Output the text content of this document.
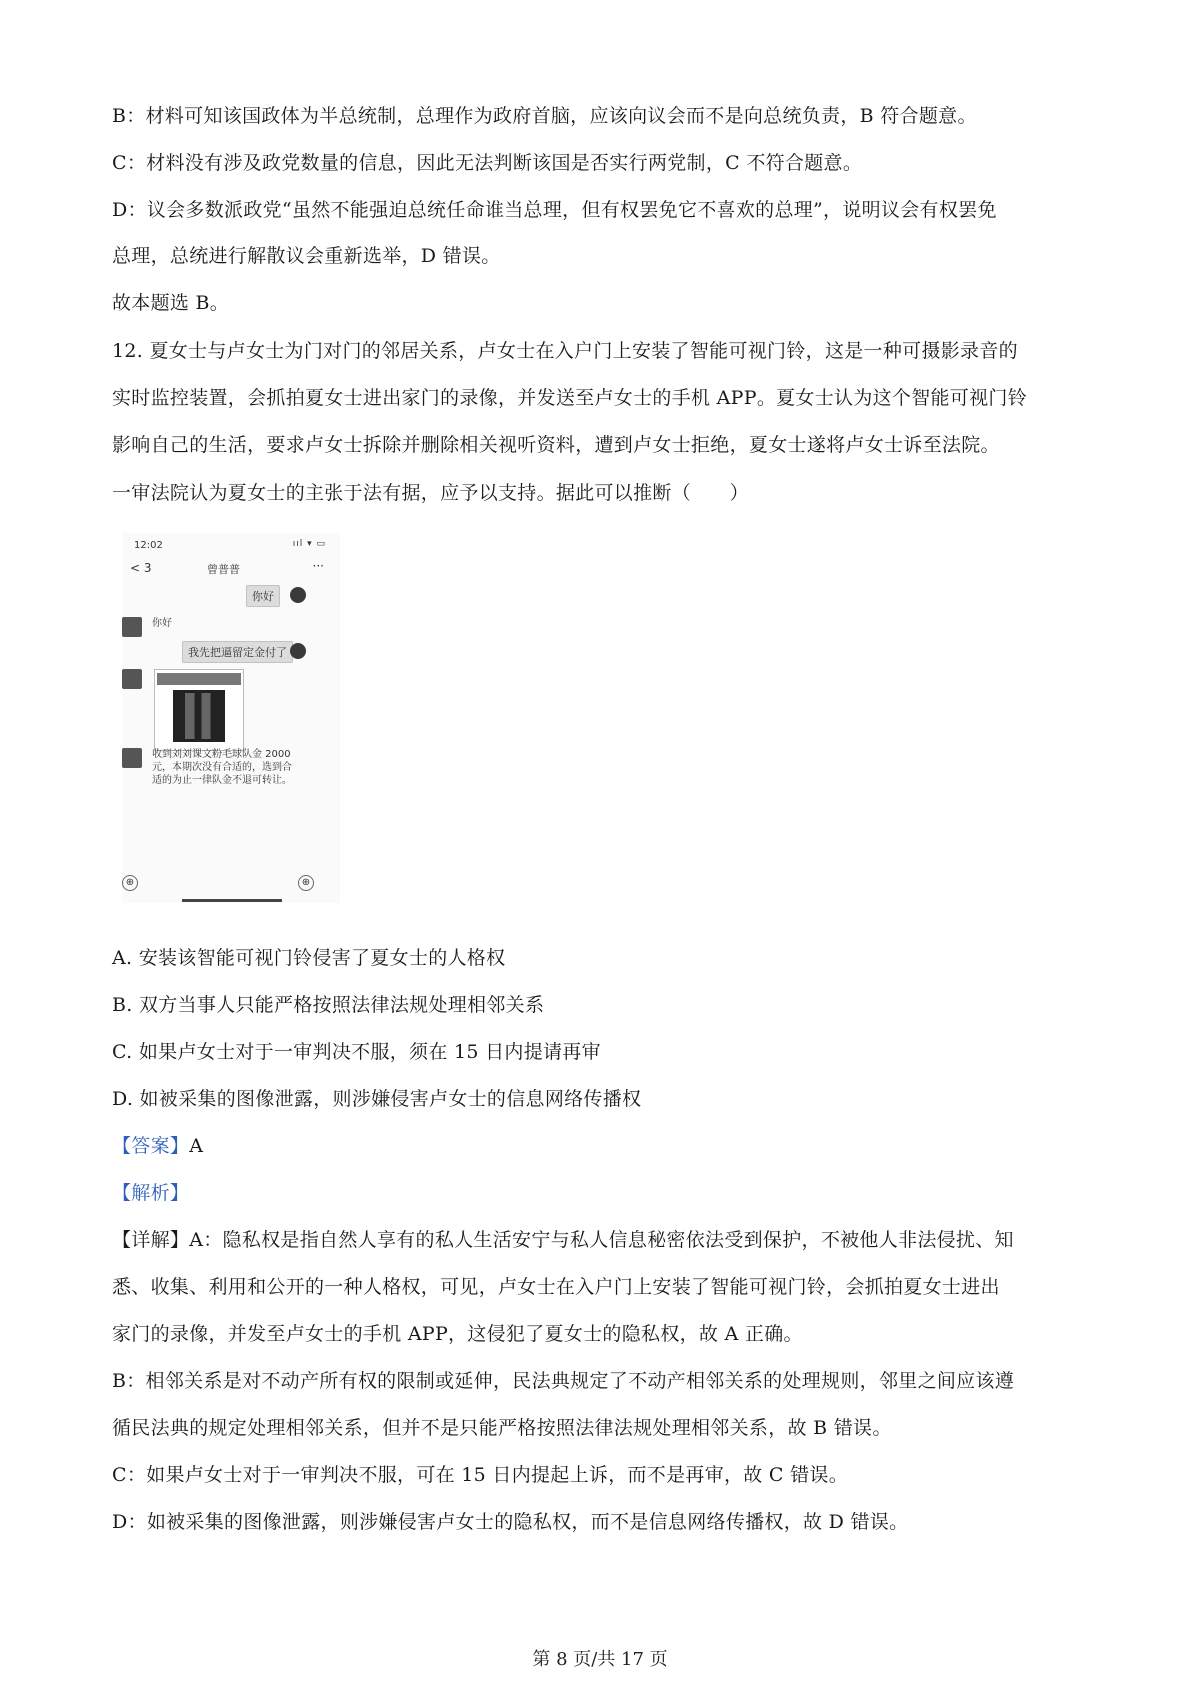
B：材料可知该国政体为半总统制，总理作为政府首脑，应该向议会而不是向总统负责，B 符合题意。
C：材料没有涉及政党数量的信息，因此无法判断该国是否实行两党制，C 不符合题意。
D：议会多数派政党“虽然不能强迫总统任命谁当总理，但有权罢免它不喜欢的总理”，说明议会有权罢免
总理，总统进行解散议会重新选举，D 错误。
故本题选 B。
12. 夏女士与卢女士为门对门的邻居关系，卢女士在入户门上安装了智能可视门铃，这是一种可摄影录音的
实时监控装置，会抓拍夏女士进出家门的录像，并发送至卢女士的手机 APP。夏女士认为这个智能可视门铃
影响自己的生活，要求卢女士拆除并删除相关视听资料，遭到卢女士拒绝，夏女士遂将卢女士诉至法院。
一审法院认为夏女士的主张于法有据，应予以支持。据此可以推断（　　）
12:02	ııl ▾ ▭
< 3	曾普普	···
你好
你好
我先把逼留定金付了
收到刘刘课文粉毛球队金 2000 元，本期次没有合适的，选到合适的为止一律队金不退可转让。
⊕	⊕
A. 安装该智能可视门铃侵害了夏女士的人格权
B. 双方当事人只能严格按照法律法规处理相邻关系
C. 如果卢女士对于一审判决不服，须在 15 日内提请再审
D. 如被采集的图像泄露，则涉嫌侵害卢女士的信息网络传播权
【答案】A
【解析】
【详解】A：隐私权是指自然人享有的私人生活安宁与私人信息秘密依法受到保护，不被他人非法侵扰、知
悉、收集、利用和公开的一种人格权，可见，卢女士在入户门上安装了智能可视门铃，会抓拍夏女士进出
家门的录像，并发至卢女士的手机 APP，这侵犯了夏女士的隐私权，故 A 正确。
B：相邻关系是对不动产所有权的限制或延伸，民法典规定了不动产相邻关系的处理规则，邻里之间应该遵
循民法典的规定处理相邻关系，但并不是只能严格按照法律法规处理相邻关系，故 B 错误。
C：如果卢女士对于一审判决不服，可在 15 日内提起上诉，而不是再审，故 C 错误。
D：如被采集的图像泄露，则涉嫌侵害卢女士的隐私权，而不是信息网络传播权，故 D 错误。
第 8 页/共 17 页
